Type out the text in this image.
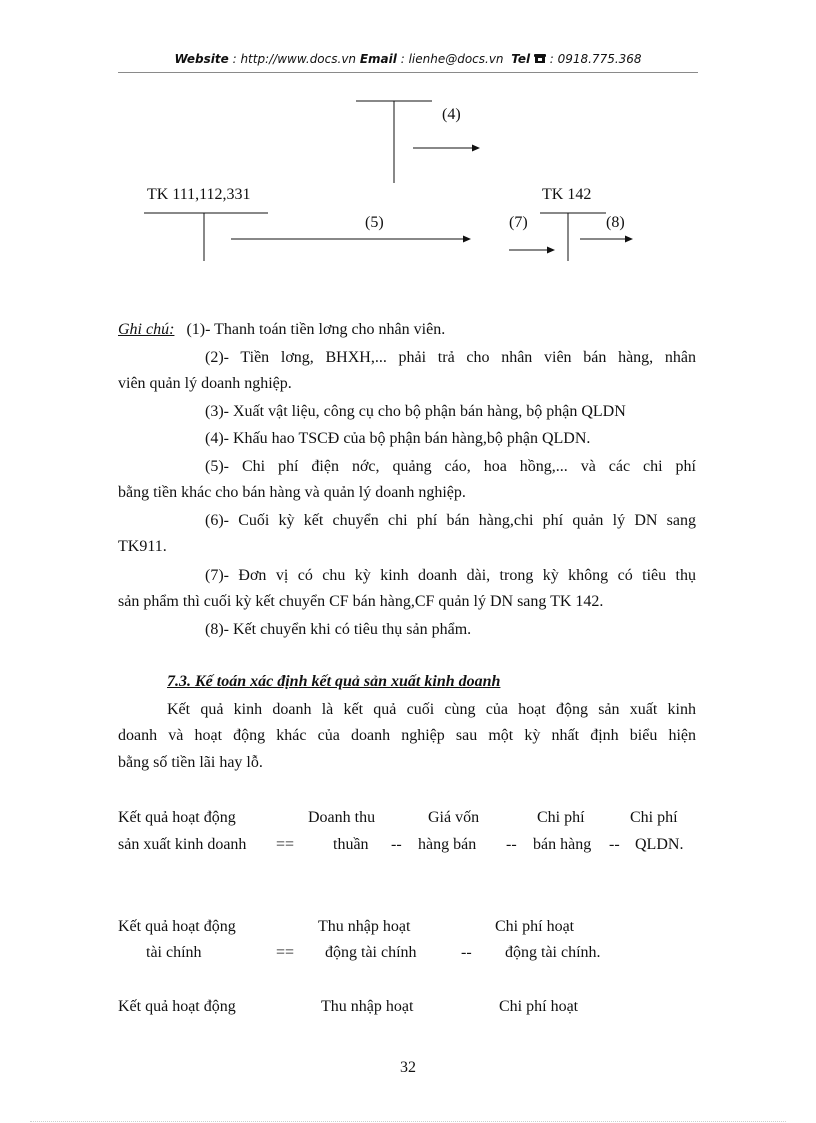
Website : http://www.docs.vn Email : lienhe@docs.vn Tel  : 0918.775.368
(4)
TK 111,112,331
(5)
TK 142
(7)	(8)
Ghi chú: (1)- Thanh toán tiền lơng cho nhân viên.
(2)- Tiền lơng, BHXH,... phải trả cho nhân viên bán hàng, nhân
viên quản lý doanh nghiệp.
(3)- Xuất vật liệu, công cụ cho bộ phận bán hàng, bộ phận QLDN
(4)- Khấu hao TSCĐ của bộ phận bán hàng,bộ phận QLDN.
(5)- Chi phí điện nớc, quảng cáo, hoa hồng,... và các chi phí
bằng tiền khác cho bán hàng và quản lý doanh nghiệp.
(6)- Cuối kỳ kết chuyển chi phí bán hàng,chi phí quản lý DN sang
TK911.
(7)- Đơn vị có chu kỳ kinh doanh dài, trong kỳ không có tiêu thụ
sản phẩm thì cuối kỳ kết chuyển CF bán hàng,CF quản lý DN sang TK 142.
(8)- Kết chuyển khi có tiêu thụ sản phẩm.
7.3. Kế toán xác định kết quả sản xuất kinh doanh
Kết quả kinh doanh là kết quả cuối cùng của hoạt động sản xuất kinh
doanh và hoạt động khác của doanh nghiệp sau một kỳ nhất định biểu hiện
bằng số tiền lãi hay lỗ.
Kết quả hoạt động	Doanh thu	Giá vốn	Chi phí	Chi phí
sản xuất kinh doanh == thuần -- hàng bán -- bán hàng -- QLDN.
Kết quả hoạt động	Thu nhập hoạt	Chi phí hoạt
tài chính	== động tài chính	-- động tài chính.
Kết quả hoạt động	Thu nhập hoạt	Chi phí hoạt
32
